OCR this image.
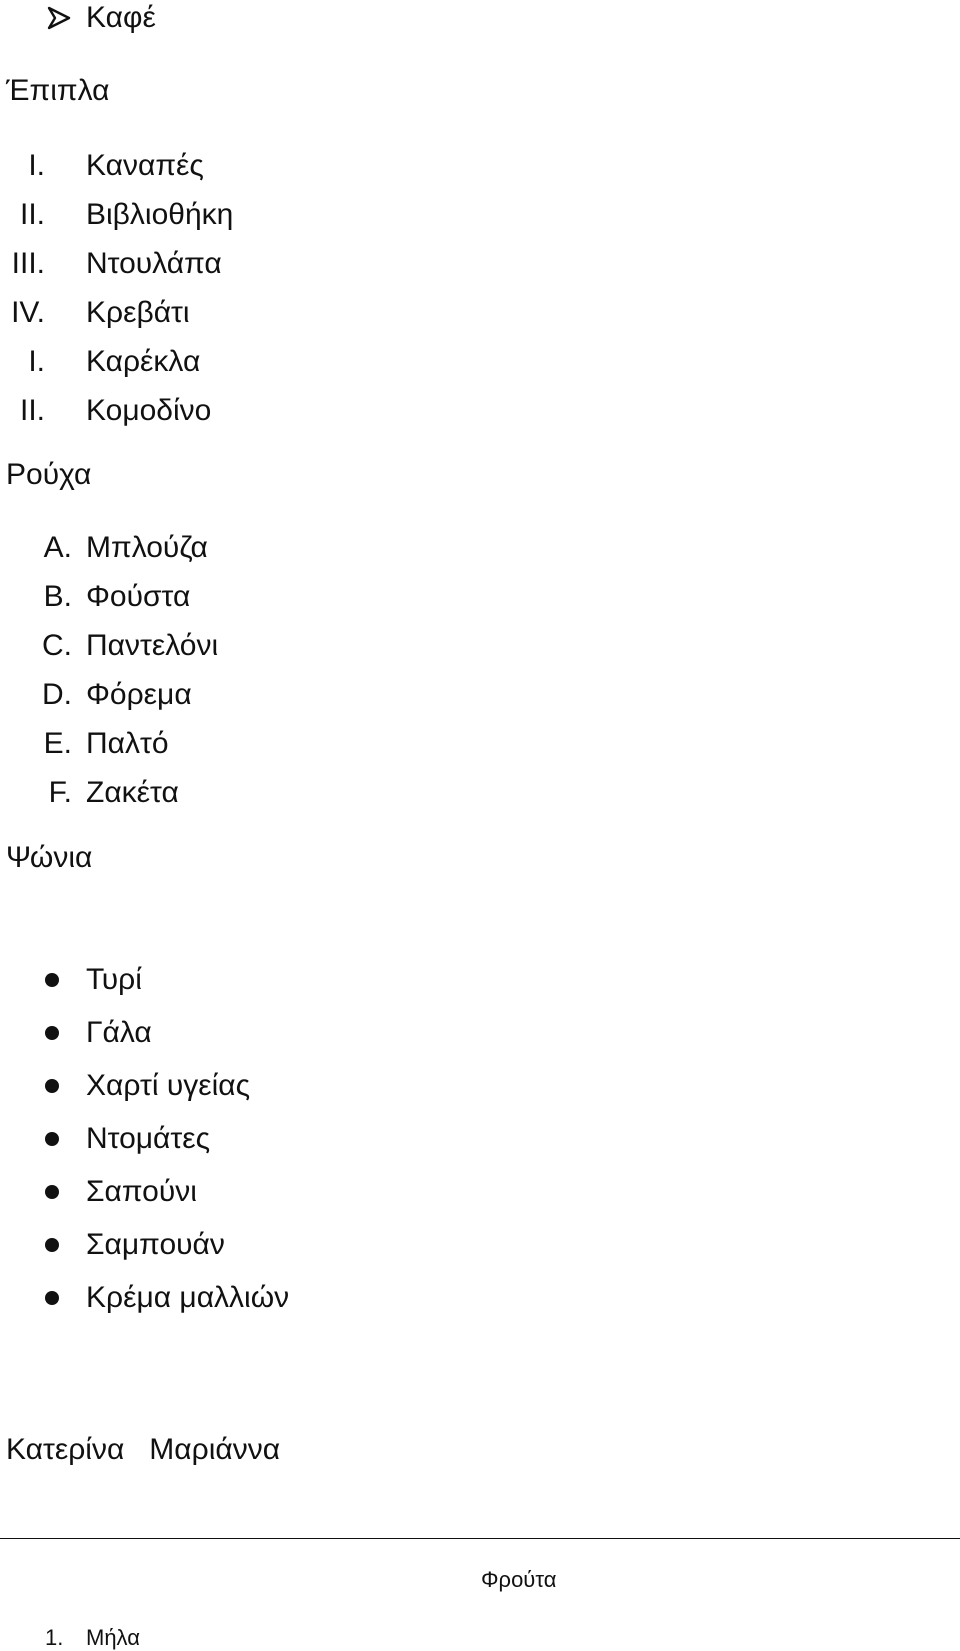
Καφέ
Έπιπλα
I. Καναπές
II. Βιβλιοθήκη
III. Ντουλάπα
IV. Κρεβάτι
I. Καρέκλα
II. Κομοδίνο
Ρούχα
A. Μπλούζα
B. Φούστα
C. Παντελόνι
D. Φόρεμα
E. Παλτό
F. Ζακέτα
Ψώνια
Τυρί
Γάλα
Χαρτί υγείας
Ντομάτες
Σαπούνι
Σαμπουάν
Κρέμα μαλλιών
Κατερίνα   Μαριάννα
Φρούτα
1. Μήλα
